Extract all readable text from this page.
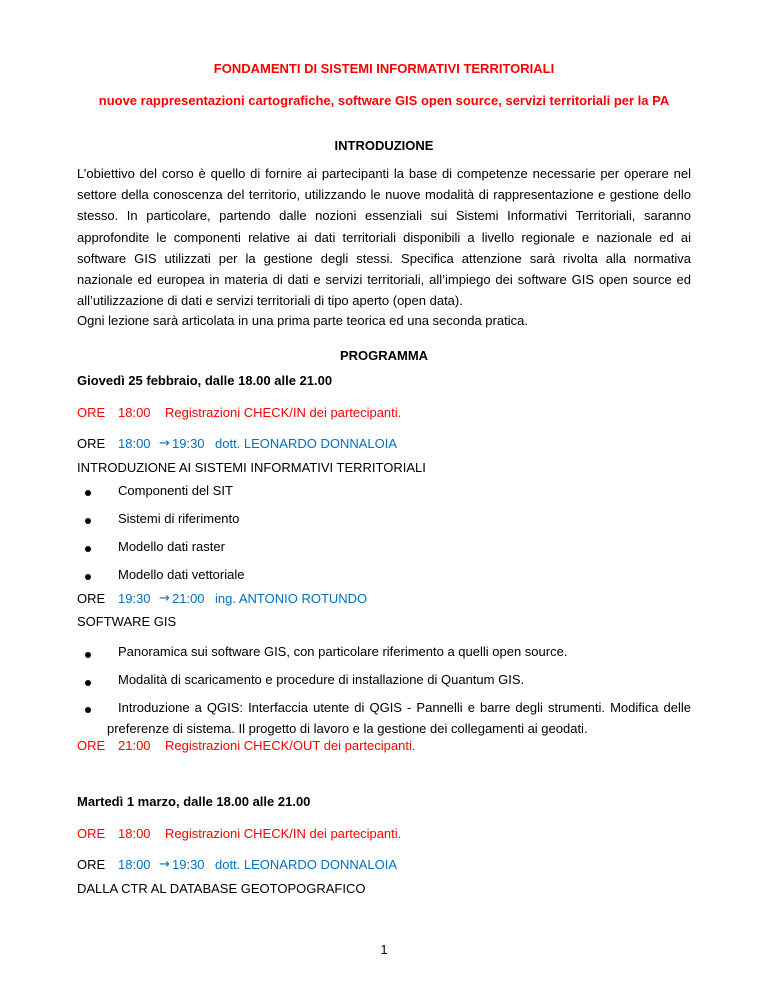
FONDAMENTI DI SISTEMI INFORMATIVI TERRITORIALI
nuove rappresentazioni cartografiche, software GIS open source, servizi territoriali per la PA
INTRODUZIONE
L’obiettivo del corso è quello di fornire ai partecipanti la base di competenze necessarie per operare nel settore della conoscenza del territorio, utilizzando le nuove modalità di rappresentazione e gestione dello stesso. In particolare, partendo dalle nozioni essenziali sui Sistemi Informativi Territoriali, saranno approfondite le componenti relative ai dati territoriali disponibili a livello regionale e nazionale ed ai software GIS utilizzati per la gestione degli stessi. Specifica attenzione sarà rivolta alla normativa nazionale ed europea in materia di dati e servizi territoriali, all’impiego dei software GIS open source ed all’utilizzazione di dati e servizi territoriali di tipo aperto (open data).
Ogni lezione sarà articolata in una prima parte teorica ed una seconda pratica.
PROGRAMMA
Giovedì 25 febbraio, dalle 18.00 alle 21.00
ORE 18:00 Registrazioni CHECK/IN dei partecipanti.
ORE 18:00 → 19:30 dott. LEONARDO DONNALOIA
INTRODUZIONE AI SISTEMI INFORMATIVI TERRITORIALI
Componenti del SIT
Sistemi di riferimento
Modello dati raster
Modello dati vettoriale
ORE 19:30 → 21:00 ing. ANTONIO ROTUNDO
SOFTWARE GIS
Panoramica sui software GIS, con particolare riferimento a quelli open source.
Modalità di scaricamento e procedure di installazione di Quantum GIS.
Introduzione a QGIS: Interfaccia utente di QGIS - Pannelli e barre degli strumenti. Modifica delle preferenze di sistema. Il progetto di lavoro e la gestione dei collegamenti ai geodati.
ORE 21:00 Registrazioni CHECK/OUT dei partecipanti.
Martedì 1 marzo, dalle 18.00 alle 21.00
ORE 18:00 Registrazioni CHECK/IN dei partecipanti.
ORE 18:00 → 19:30 dott. LEONARDO DONNALOIA
DALLA CTR AL DATABASE GEOTOPOGRAFICO
1
